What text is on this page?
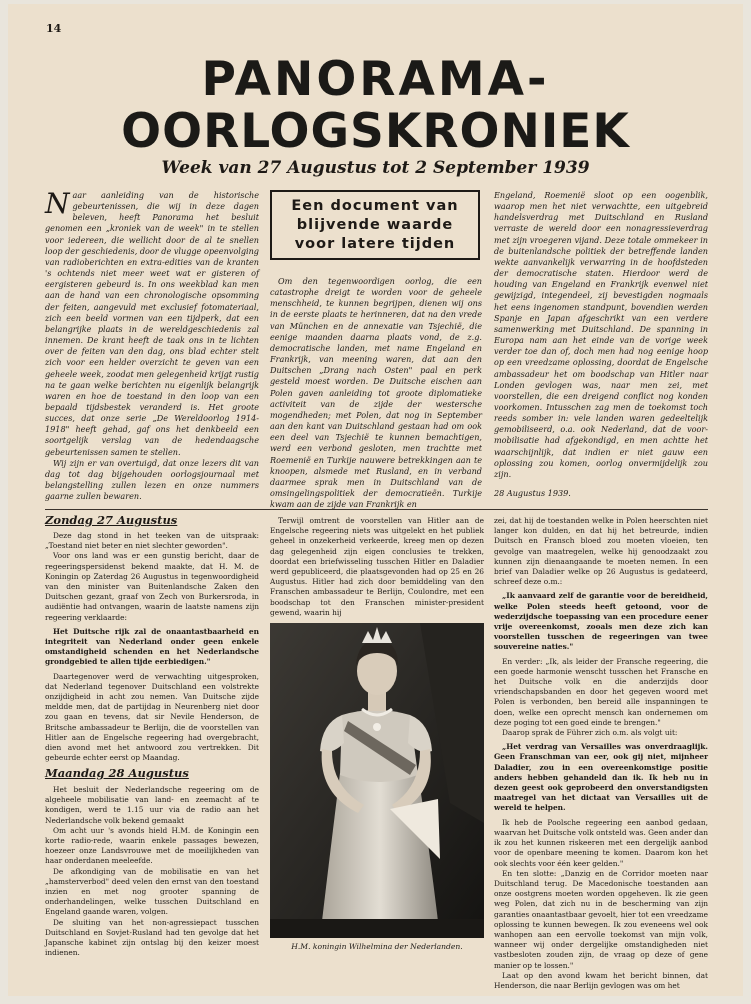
14
PANORAMA-
OORLOGSKRONIEK
Week van 27 Augustus tot 2 September 1939

Naar aanleiding van de historische gebeurtenissen, die wij in deze dagen beleven, heeft Panorama het besluit genomen een „kroniek van de week" in te stellen voor iedereen, die wellicht door de al te snellen loop der geschiedenis, door de vlugge opeenvolging van radioberichten en extra-edities van de kranten 's ochtends niet meer weet wat er gisteren of eergisteren gebeurd is. In ons weekblad kan men aan de hand van een chronologische opsomming der feiten, aangevuld met exclusief fotomateriaal, zich een beeld vormen van een tijdperk, dat een belangrijke plaats in de wereldgeschiedenis zal innemen. De krant heeft de taak ons in te lichten over de feiten van den dag, ons blad echter stelt zich voor een helder overzicht te geven van een geheele week, zoodat men gelegenheid krijgt rustig na te gaan welke berichten nu eigenlijk belangrijk waren en hoe de toestand in den loop van een bepaald tijdsbestek veranderd is. Het groote succes, dat onze serie „De Wereldoorlog 1914-1918" heeft gehad, gaf ons het denkbeeld een soortgelijk verslag van de hedendaagsche gebeurtenissen samen te stellen.

Wij zijn er van overtuigd, dat onze lezers dit van dag tot dag bijgehouden oorlogsjournaal met belangstelling zullen lezen en onze nummers gaarne zullen bewaren.

Een document van
blijvende waarde
voor latere tijden
Om den tegenwoordigen oorlog, die een catastrophe dreigt te worden voor de geheele menschheid, te kunnen begrijpen, dienen wij ons in de eerste plaats te herinneren, dat na den vrede van München en de annexatie van Tsjechië, die eenige maanden daarna plaats vond, de z.g. democratische landen, met name Engeland en Frankrijk, van meening waren, dat aan den Duitschen „Drang nach Osten" paal en perk gesteld moest worden. De Duitsche eischen aan Polen gaven aanleiding tot groote diplomatieke activiteit van de zijde der westersche mogendheden; met Polen, dat nog in September aan den kant van Duitschland gestaan had om ook een deel van Tsjechië te kunnen bemachtigen, werd een verbond gesloten, men trachtte met Roemenië en Turkije nauwere betrekkingen aan te knoopen, alsmede met Rusland, en in verband daarmee sprak men in Duitschland van de omsingelingspolitiek der democratieën. Turkije kwam aan de zijde van Frankrijk en

Engeland, Roemenië sloot op een oogenblik, waarop men het niet verwachtte, een uitgebreid handelsverdrag met Duitschland en Rusland verraste de wereld door een nonagressieverdrag met zijn vroegeren vijand. Deze totale ommekeer in de buitenlandsche politiek der betreffende landen wekte aanvankelijk verwarring in de hoofdsteden der democratische staten. Hierdoor werd de houding van Engeland en Frankrijk evenwel niet gewijzigd, integendeel, zij bevestigden nogmaals het eens ingenomen standpunt, bovendien werden Spanje en Japan afgeschrikt van een verdere samenwerking met Duitschland. De spanning in Europa nam aan het einde van de vorige week verder toe dan of, doch men had nog eenige hoop op een vreedzame oplossing, doordat de Engelsche ambassadeur het om boodschap van Hitler naar Londen gevlogen was, naar men zei, met voorstellen, die een dreigend conflict nog konden voorkomen. Intusschen zag men de toekomst toch reeds somber in: vele landen waren gedeeltelijk gemobiliseerd, o.a. ook Nederland, dat de voor-mobilisatie had afgekondigd, en men achtte het waarschijnlijk, dat indien er niet gauw een oplossing zou komen, oorlog onvermijdelijk zou zijn.

28 Augustus 1939.

Zondag 27 Augustus

Deze dag stond in het teeken van de uitspraak: „Toestand niet beter en niet slechter geworden".

Voor ons land was er een gunstig bericht, daar de regeeringspersidenst bekend maakte, dat H. M. de Koningin op Zaterdag 26 Augustus in tegenwoordigheid van den minister van Buitenlandsche Zaken den Duitschen gezant, graaf von Zech von Burkersroda, in audiëntie had ontvangen, waarin de laatste namens zijn regeering verklaarde:

Het Duitsche rijk zal de onaantastbaarheid en integriteit van Nederland onder geen enkele omstandigheid schenden en het Nederlandsche grondgebied te allen tijde eerbiedigen."

Daartegenover werd de verwachting uitgesproken, dat Nederland tegenover Duitschland een volstrekte onzijdigheid in acht zou nemen. Van Duitsche zijde meldde men, dat de partijdag in Neurenberg niet door zou gaan en tevens, dat sir Nevile Henderson, de Britsche ambassadeur te Berlijn, die de voorstellen van Hitler aan de Engelsche regeering had overgebracht, dien avond met het antwoord zou vertrekken. Dit gebeurde echter eerst op Maandag.

Maandag 28 Augustus

Het besluit der Nederlandsche regeering om de algeheele mobilisatie van land- en zeemacht af te kondigen, werd te 1.15 uur via de radio aan het Nederlandsche volk bekend gemaakt

Om acht uur 's avonds hield H.M. de Koningin een korte radio-rede, waarin enkele passages bewezen, hoezeer onze Landsvrouwe met de moeilijkheden van haar onderdanen meeleefde.

De afkondiging van de mobilisatie en van het „hamsterverbod" deed velen den ernst van den toestand inzien en met nog grooter spanning de onderhandelingen, welke tusschen Duitschland en Engeland gaande waren, volgen.

De sluiting van het non-agressiepact tusschen Duitschland en Sovjet-Rusland had ten gevolge dat het Japansche kabinet zijn ontslag bij den keizer moest indienen.

Terwijl omtrent de voorstellen van Hitler aan de Engelsche regeering niets was uitgelekt en het publiek geheel in onzekerheid verkeerde, kreeg men op dezen dag gelegenheid zijn eigen conclusies te trekken, doordat een briefwisseling tusschen Hitler en Daladier werd gepubliceerd, die plaatsgevonden had op 25 en 26 Augustus. Hitler had zich door bemiddeling van den Franschen ambassadeur te Berlijn, Coulondre, met een boodschap tot den Franschen minister-president gewend, waarin hij

H.M. koningin Wilhelmina der Nederlanden.

zei, dat hij de toestanden welke in Polen heerschten niet langer kon dulden, en dat hij het betreurde, indien Duitsch en Fransch bloed zou moeten vloeien, ten gevolge van maatregelen, welke hij genoodzaakt zou kunnen zijn dienaangaande te moeten nemen. In een brief van Daladier welke op 26 Augustus is gedateerd, schreef deze o.m.:

„Ik aanvaard zelf de garantie voor de bereidheid, welke Polen steeds heeft getoond, voor de wederzijdsche toepassing van een procedure eener vrije overeenkomst, zooals men deze zich kan voorstellen tusschen de regeeringen van twee souvereine naties."

En verder: „Ik, als leider der Fransche regeering, die een goede harmonie wenscht tusschen het Fransche en het Duitsche volk en die anderzijds door vriendschapsbanden en door het gegeven woord met Polen is verbonden, ben bereid alle inspanningen te doen, welke een oprecht mensch kan ondernemen om deze poging tot een goed einde te brengen."

Daarop sprak de Führer zich o.m. als volgt uit:

„Het verdrag van Versailles was onverdraaglijk. Geen Franschman van eer, ook gij niet, mijnheer Daladier, zou in een overeenkomstige positie anders hebben gehandeld dan ik. Ik heb nu in dezen geest ook geprobeerd den onverstandigsten maatregel van het dictaat van Versailles uit de wereld te helpen.

Ik heb de Poolsche regeering een aanbod gedaan, waarvan het Duitsche volk ontsteld was. Geen ander dan ik zou het kunnen riskeeren met een dergelijk aanbod voor de openbare meening te komen. Daarom kon het ook slechts voor één keer gelden."

En ten slotte: „Danzig en de Corridor moeten naar Duitschland terug. De Macedonische toestanden aan onze oostgrens moeten worden opgeheven. Ik zie geen weg Polen, dat zich nu in de bescherming van zijn garanties onaantastbaar gevoelt, hier tot een vreedzame oplossing te kunnen bewegen. Ik zou eveneens wel ook wanhopen aan een eervolle toekomst van mijn volk, wanneer wij onder dergelijke omstandigheden niet vastbesloten zouden zijn, de vraag op deze of gene manier op te lossen."

Laat op den avond kwam het bericht binnen, dat Henderson, die naar Berlijn gevlogen was om het
